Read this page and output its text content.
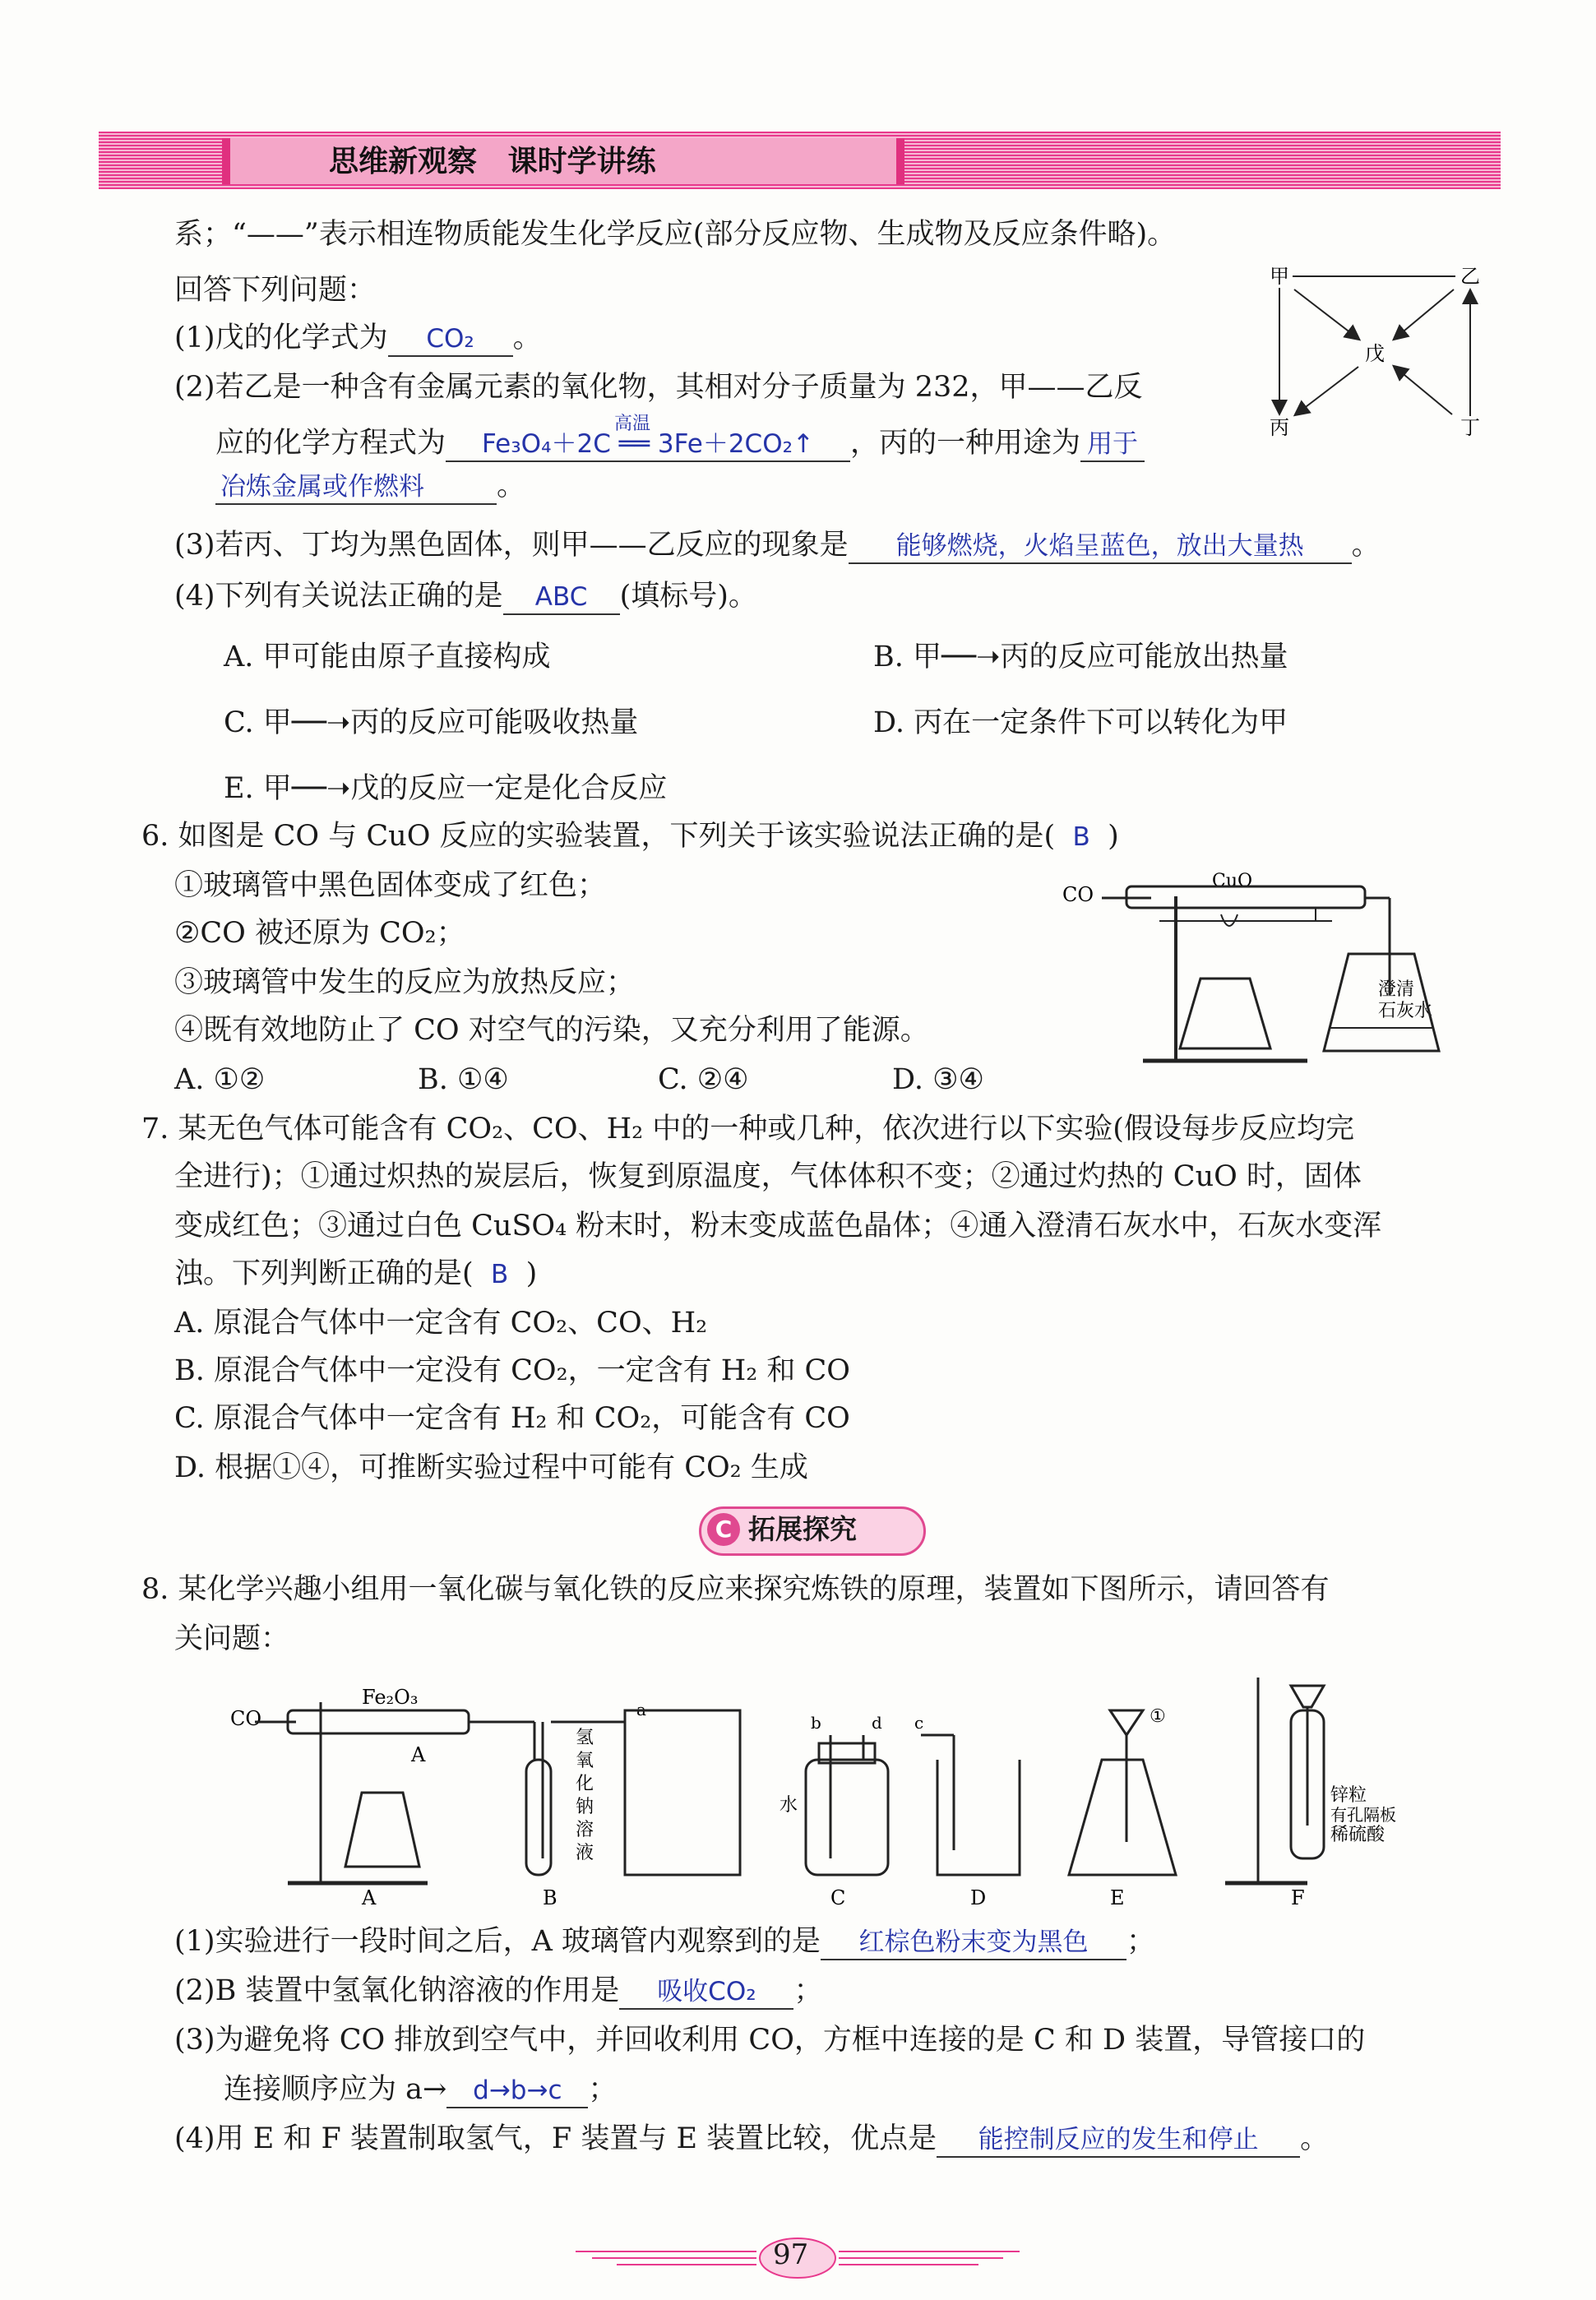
思维新观察 课时学讲练
系；“——”表示相连物质能发生化学反应(部分反应物、生成物及反应条件略)。
回答下列问题：
(1)戊的化学式为 CO₂ 。
(2)若乙是一种含有金属元素的氧化物，其相对分子质量为 232，甲——乙反
应的化学方程式为 Fe₃O₄＋2C ══ 3Fe＋2CO₂↑
高温
，丙的一种用途为 用于
冶炼金属或作燃料	。
(3)若丙、丁均为黑色固体，则甲——乙反应的现象是 能够燃烧，火焰呈蓝色，放出大量热 。
(4)下列有关说法正确的是 ABC (填标号)。
A. 甲可能由原子直接构成	B. 甲──➝丙的反应可能放出热量
C. 甲──➝丙的反应可能吸收热量	D. 丙在一定条件下可以转化为甲
E. 甲──➝戊的反应一定是化合反应
甲	乙
丙	丁
戊
6. 如图是 CO 与 CuO 反应的实验装置，下列关于该实验说法正确的是( B )
①玻璃管中黑色固体变成了红色；
②CO 被还原为 CO₂；
③玻璃管中发生的反应为放热反应；
④既有效地防止了 CO 对空气的污染，又充分利用了能源。
A. ①②	B. ①④	C. ②④	D. ③④
CO
CuO
澄清
石灰水
7. 某无色气体可能含有 CO₂、CO、H₂ 中的一种或几种，依次进行以下实验(假设每步反应均完
全进行)；①通过炽热的炭层后，恢复到原温度，气体体积不变；②通过灼热的 CuO 时，固体
变成红色；③通过白色 CuSO₄ 粉末时，粉末变成蓝色晶体；④通入澄清石灰水中，石灰水变浑
浊。下列判断正确的是( B )
A. 原混合气体中一定含有 CO₂、CO、H₂
B. 原混合气体中一定没有 CO₂，一定含有 H₂ 和 CO
C. 原混合气体中一定含有 H₂ 和 CO₂，可能含有 CO
D. 根据①④，可推断实验过程中可能有 CO₂ 生成
C 拓展探究
8. 某化学兴趣小组用一氧化碳与氧化铁的反应来探究炼铁的原理，装置如下图所示，请回答有
关问题：
CO
Fe₂O₃
A
A	B	C	D	E	F
a
b	d c	①
水	锌粒
有孔隔板
稀硫酸
氢
氧
化
钠
溶
液
(1)实验进行一段时间之后，A 玻璃管内观察到的是 红棕色粉末变为黑色 ；
(2)B 装置中氢氧化钠溶液的作用是 吸收CO₂ ；
(3)为避免将 CO 排放到空气中，并回收利用 CO，方框中连接的是 C 和 D 装置，导管接口的
连接顺序应为 a→ d→b→c ；
(4)用 E 和 F 装置制取氢气，F 装置与 E 装置比较，优点是 能控制反应的发生和停止 。
97
